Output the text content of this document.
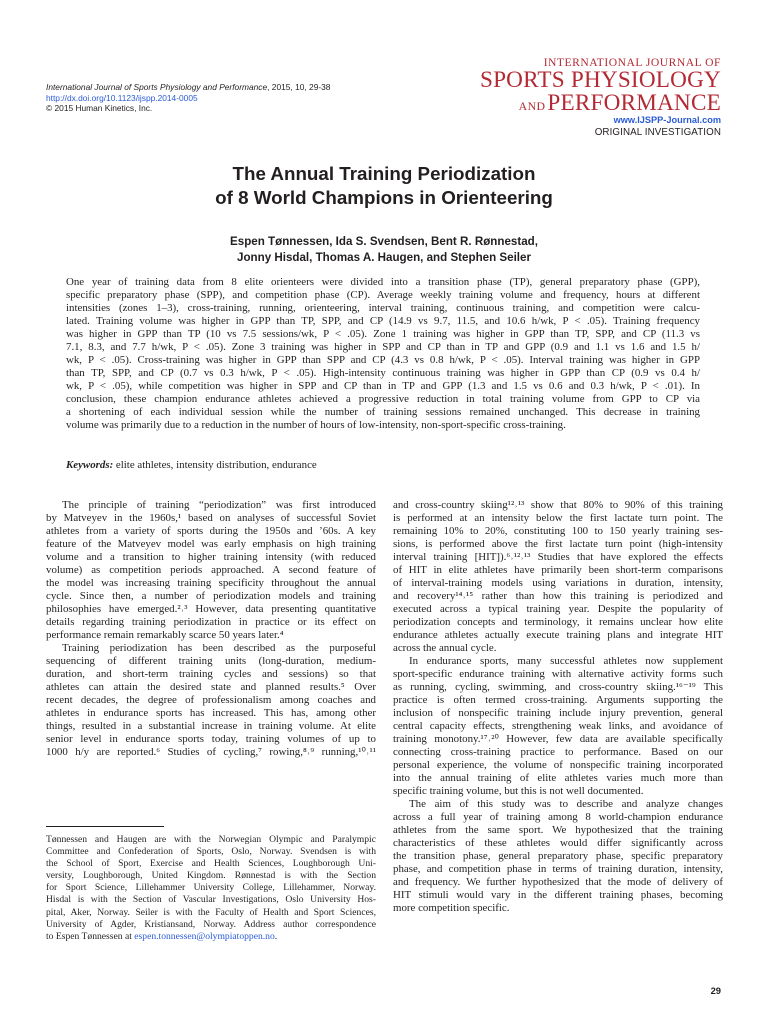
International Journal of Sports Physiology and Performance, 2015, 10, 29-38
http://dx.doi.org/10.1123/ijspp.2014-0005
© 2015 Human Kinetics, Inc.
INTERNATIONAL JOURNAL OF
SPORTS PHYSIOLOGY
ANDPERFORMANCE
www.IJSPP-Journal.com
ORIGINAL INVESTIGATION
The Annual Training Periodization
of 8 World Champions in Orienteering
Espen Tønnessen, Ida S. Svendsen, Bent R. Rønnestad,
Jonny Hisdal, Thomas A. Haugen, and Stephen Seiler
One year of training data from 8 elite orienteers were divided into a transition phase (TP), general preparatory phase (GPP),
specific preparatory phase (SPP), and competition phase (CP). Average weekly training volume and frequency, hours at different
intensities (zones 1–3), cross-training, running, orienteering, interval training, continuous training, and competition were calcu-
lated. Training volume was higher in GPP than TP, SPP, and CP (14.9 vs 9.7, 11.5, and 10.6 h/wk, P < .05). Training frequency
was higher in GPP than TP (10 vs 7.5 sessions/wk, P < .05). Zone 1 training was higher in GPP than TP, SPP, and CP (11.3 vs
7.1, 8.3, and 7.7 h/wk, P < .05). Zone 3 training was higher in SPP and CP than in TP and GPP (0.9 and 1.1 vs 1.6 and 1.5 h/
wk, P < .05). Cross-training was higher in GPP than SPP and CP (4.3 vs 0.8 h/wk, P < .05). Interval training was higher in GPP
than TP, SPP, and CP (0.7 vs 0.3 h/wk, P < .05). High-intensity continuous training was higher in GPP than CP (0.9 vs 0.4 h/
wk, P < .05), while competition was higher in SPP and CP than in TP and GPP (1.3 and 1.5 vs 0.6 and 0.3 h/wk, P < .01). In
conclusion, these champion endurance athletes achieved a progressive reduction in total training volume from GPP to CP via
a shortening of each individual session while the number of training sessions remained unchanged. This decrease in training
volume was primarily due to a reduction in the number of hours of low-intensity, non-sport-specific cross-training.
Keywords: elite athletes, intensity distribution, endurance
The principle of training “periodization” was first introduced
by Matveyev in the 1960s,¹ based on analyses of successful Soviet
athletes from a variety of sports during the 1950s and ’60s. A key
feature of the Matveyev model was early emphasis on high training
volume and a transition to higher training intensity (with reduced
volume) as competition periods approached. A second feature of
the model was increasing training specificity throughout the annual
cycle. Since then, a number of periodization models and training
philosophies have emerged.²˒³ However, data presenting quantitative
details regarding training periodization in practice or its effect on
performance remain remarkably scarce 50 years later.⁴
Training periodization has been described as the purposeful
sequencing of different training units (long-duration, medium-
duration, and short-term training cycles and sessions) so that
athletes can attain the desired state and planned results.⁵ Over
recent decades, the degree of professionalism among coaches and
athletes in endurance sports has increased. This has, among other
things, resulted in a substantial increase in training volume. At elite
senior level in endurance sports today, training volumes of up to
1000 h/y are reported.⁶ Studies of cycling,⁷ rowing,⁸˒⁹ running,¹⁰˒¹¹
Tønnessen and Haugen are with the Norwegian Olympic and Paralympic
Committee and Confederation of Sports, Oslo, Norway. Svendsen is with
the School of Sport, Exercise and Health Sciences, Loughborough Uni-
versity, Loughborough, United Kingdom. Rønnestad is with the Section
for Sport Science, Lillehammer University College, Lillehammer, Norway.
Hisdal is with the Section of Vascular Investigations, Oslo University Hos-
pital, Aker, Norway. Seiler is with the Faculty of Health and Sport Sciences,
University of Agder, Kristiansand, Norway. Address author correspondence
to Espen Tønnessen at espen.tonnessen@olympiatoppen.no.
and cross-country skiing¹²˒¹³ show that 80% to 90% of this training
is performed at an intensity below the first lactate turn point. The
remaining 10% to 20%, constituting 100 to 150 yearly training ses-
sions, is performed above the first lactate turn point (high-intensity
interval training [HIT]).⁶˒¹²˒¹³ Studies that have explored the effects
of HIT in elite athletes have primarily been short-term comparisons
of interval-training models using variations in duration, intensity,
and recovery¹⁴˒¹⁵ rather than how this training is periodized and
executed across a typical training year. Despite the popularity of
periodization concepts and terminology, it remains unclear how elite
endurance athletes actually execute training plans and integrate HIT
across the annual cycle.
In endurance sports, many successful athletes now supplement
sport-specific endurance training with alternative activity forms such
as running, cycling, swimming, and cross-country skiing.¹⁶⁻¹⁹ This
practice is often termed cross-training. Arguments supporting the
inclusion of nonspecific training include injury prevention, general
central capacity effects, strengthening weak links, and avoidance of
training monotony.¹⁷˒²⁰ However, few data are available specifically
connecting cross-training practice to performance. Based on our
personal experience, the volume of nonspecific training incorporated
into the annual training of elite athletes varies much more than
specific training volume, but this is not well documented.
The aim of this study was to describe and analyze changes
across a full year of training among 8 world-champion endurance
athletes from the same sport. We hypothesized that the training
characteristics of these athletes would differ significantly across
the transition phase, general preparatory phase, specific preparatory
phase, and competition phase in terms of training duration, intensity,
and frequency. We further hypothesized that the mode of delivery of
HIT stimuli would vary in the different training phases, becoming
more competition specific.
29
